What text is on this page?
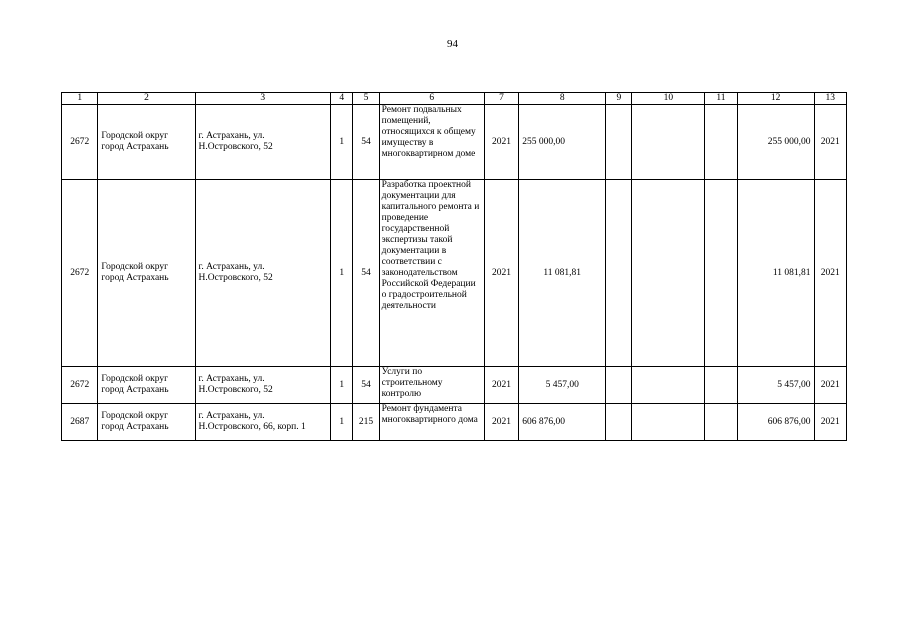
94
1	2	3	4	5	6	7	8	9	10	11	12	13
2672	Городской округ город Астрахань	г. Астрахань, ул. Н.Островского, 52	1	54	Ремонт подвальных помещений, относящихся к общему имуществу в многоквартирном доме	2021	255 000,00				255 000,00	2021
2672	Городской округ город Астрахань	г. Астрахань, ул. Н.Островского, 52	1	54	Разработка проектной документации для капитального ремонта и проведение государственной экспертизы такой документации в соответствии с законодательством Российской Федерации о градостроительной деятельности	2021	11 081,81				11 081,81	2021
2672	Городской округ город Астрахань	г. Астрахань, ул. Н.Островского, 52	1	54	Услуги по строительному контролю	2021	5 457,00				5 457,00	2021
2687	Городской округ город Астрахань	г. Астрахань, ул. Н.Островского, 66, корп. 1	1	215	Ремонт фундамента многоквартирного дома	2021	606 876,00				606 876,00	2021
